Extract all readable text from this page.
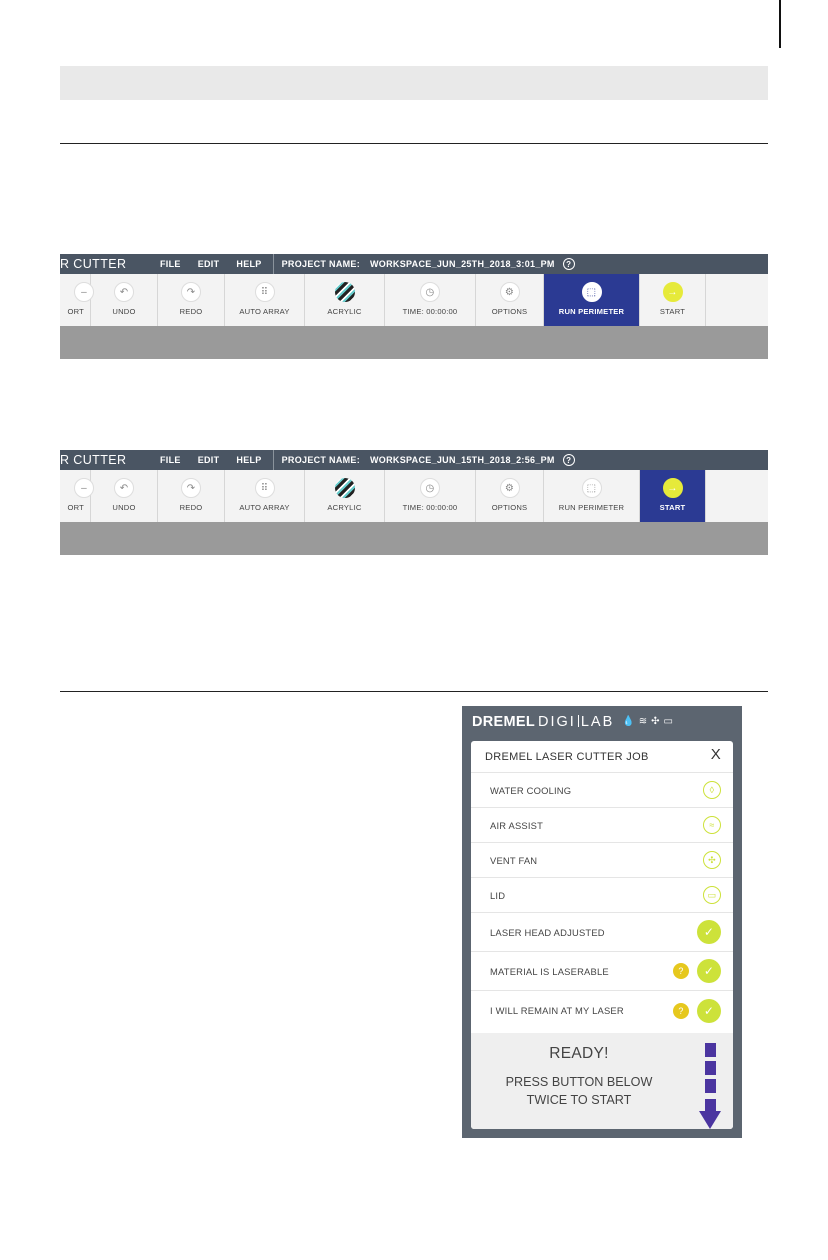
R CUTTER	FILE EDIT HELP PROJECT NAME: WORKSPACE_JUN_25TH_2018_3:01_PM	?
–
ORT
↶
UNDO
↷
REDO
⠿
AUTO ARRAY	ACRYLIC
◷
TIME: 00:00:00
⚙
OPTIONS
⬚
RUN PERIMETER
→
START
R CUTTER	FILE EDIT HELP PROJECT NAME: WORKSPACE_JUN_15TH_2018_2:56_PM	?
–
ORT
↶
UNDO
↷
REDO
⠿
AUTO ARRAY	ACRYLIC
◷
TIME: 00:00:00
⚙
OPTIONS
⬚
RUN PERIMETER
→
START
DREMEL DIGI LAB 💧 ≋ ✣ ▭
DREMEL LASER CUTTER JOB	X
WATER COOLING	◊
AIR ASSIST	≈
VENT FAN	✣
LID	▭
LASER HEAD ADJUSTED	✓
MATERIAL IS LASERABLE	?	✓
I WILL REMAIN AT MY LASER	?	✓
READY!
PRESS BUTTON BELOW
TWICE TO START
